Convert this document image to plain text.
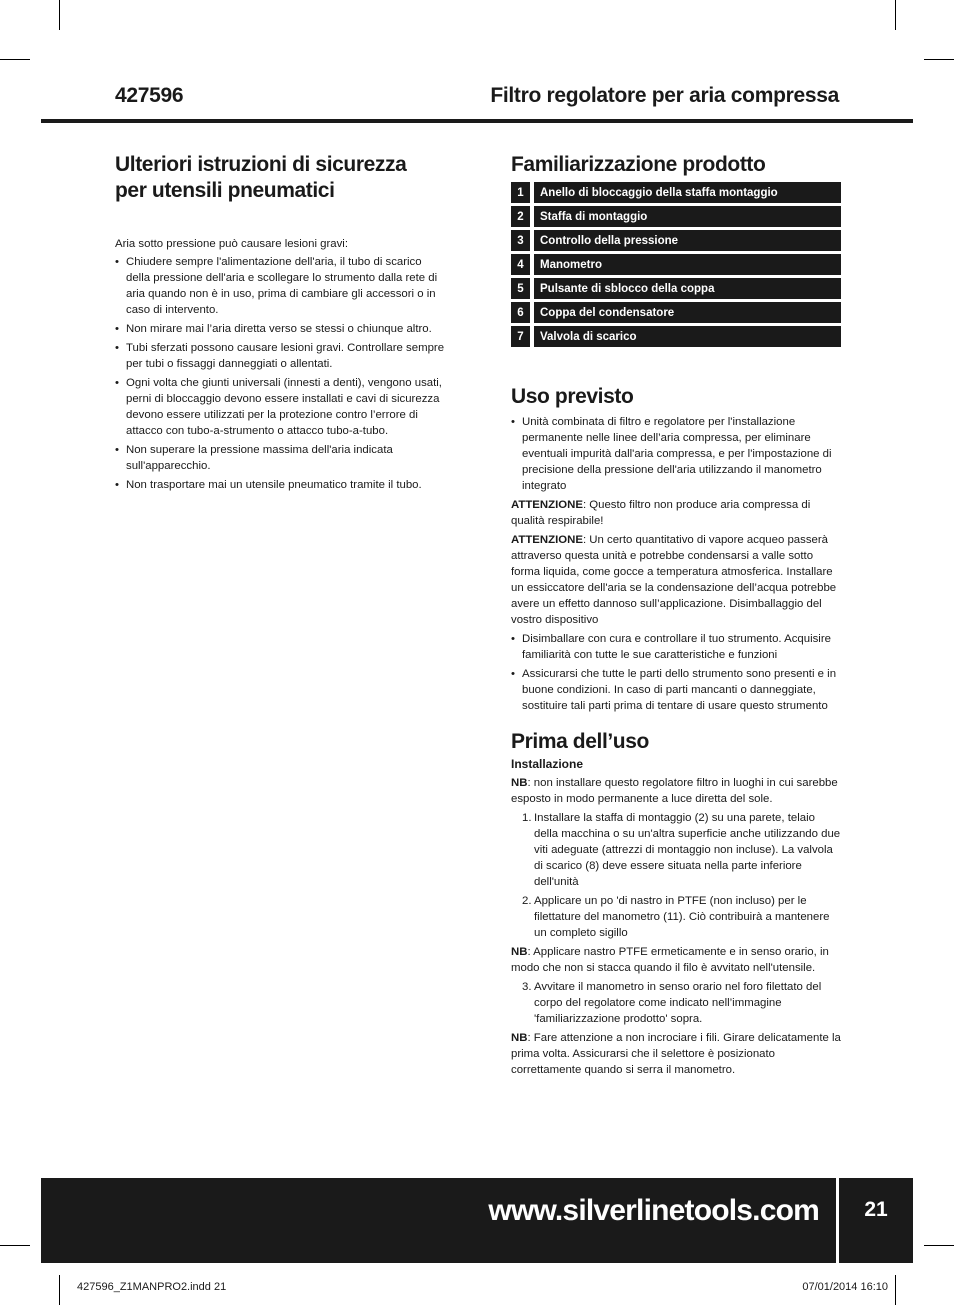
427596	Filtro regolatore per aria compressa
Ulteriori istruzioni di sicurezza
per utensili pneumatici

Aria sotto pressione può causare lesioni gravi:

• Chiudere sempre l'alimentazione dell'aria, il tubo di scarico della pressione dell'aria e scollegare lo strumento dalla rete di aria quando non è in uso, prima di cambiare gli accessori o in caso di intervento.
• Non mirare mai l’aria diretta verso se stessi o chiunque altro.
• Tubi sferzati possono causare lesioni gravi. Controllare sempre per tubi o fissaggi danneggiati o allentati.
• Ogni volta che giunti universali (innesti a denti), vengono usati, perni di bloccaggio devono essere installati e cavi di sicurezza devono essere utilizzati per la protezione contro l’errore di attacco con tubo-a-strumento o attacco tubo-a-tubo.
• Non superare la pressione massima dell'aria indicata sull'apparecchio.
• Non trasportare mai un utensile pneumatico tramite il tubo.
Familiarizzazione prodotto
1	Anello di bloccaggio della staffa montaggio
2	Staffa di montaggio
3	Controllo della pressione
4	Manometro
5	Pulsante di sblocco della coppa
6	Coppa del condensatore
7	Valvola di scarico
Uso previsto
• Unità combinata di filtro e regolatore per l'installazione permanente nelle linee dell’aria compressa, per eliminare eventuali impurità dall'aria compressa, e per l'impostazione di precisione della pressione dell'aria utilizzando il manometro integrato

ATTENZIONE: Questo filtro non produce aria compressa di qualità respirabile!

ATTENZIONE: Un certo quantitativo di vapore acqueo passerà attraverso questa unità e potrebbe condensarsi a valle sotto forma liquida, come gocce a temperatura atmosferica. Installare un essiccatore dell'aria se la condensazione dell’acqua potrebbe avere un effetto dannoso sull’applicazione. Disimballaggio del vostro dispositivo

• Disimballare con cura e controllare il tuo strumento. Acquisire familiarità con tutte le sue caratteristiche e funzioni
• Assicurarsi che tutte le parti dello strumento sono presenti e in buone condizioni. In caso di parti mancanti o danneggiate, sostituire tali parti prima di tentare di usare questo strumento
Prima dell’uso
Installazione

NB: non installare questo regolatore filtro in luoghi in cui sarebbe esposto in modo permanente a luce diretta del sole.

1. Installare la staffa di montaggio (2) su una parete, telaio della macchina o su un'altra superficie anche utilizzando due viti adeguate (attrezzi di montaggio non incluse). La valvola di scarico (8) deve essere situata nella parte inferiore dell'unità
2. Applicare un po 'di nastro in PTFE (non incluso) per le filettature del manometro (11). Ciò contribuirà a mantenere un completo sigillo

NB: Applicare nastro PTFE ermeticamente e in senso orario, in modo che non si stacca quando il filo è avvitato nell'utensile.

3. Avvitare il manometro in senso orario nel foro filettato del corpo del regolatore come indicato nell’immagine 'familiarizzazione prodotto' sopra.

NB: Fare attenzione a non incrociare i fili. Girare delicatamente la prima volta. Assicurarsi che il selettore è posizionato correttamente quando si serra il manometro.

www.silverlinetools.com	21
427596_Z1MANPRO2.indd 21	07/01/2014 16:10
